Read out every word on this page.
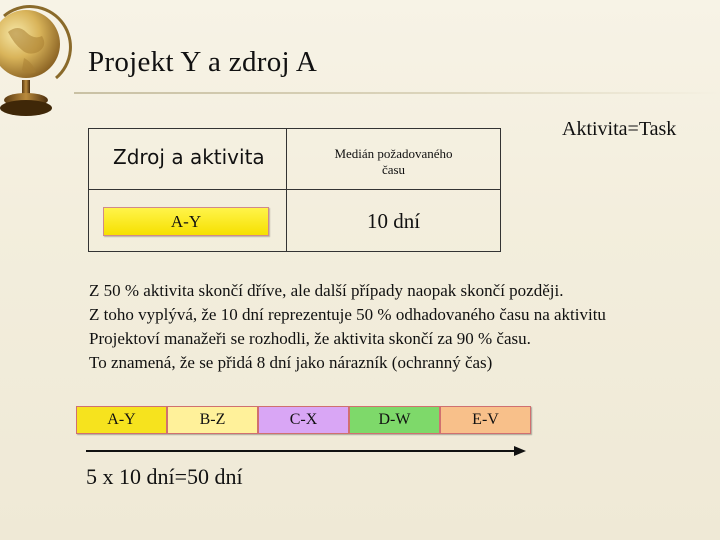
Projekt Y a zdroj A
Aktivita=Task
Zdroj a aktivita	Medián požadovaného
času
A-Y	10 dní
Z 50 % aktivita skončí dříve, ale další případy naopak skončí později.
Z toho vyplývá, že 10 dní reprezentuje 50 % odhadovaného času na aktivitu
Projektoví manažeři se rozhodli, že aktivita skončí za 90 % času.
To znamená, že se přidá 8 dní jako nárazník (ochranný čas)
A-Y	B-Z	C-X	D-W	E-V
5 x 10 dní=50 dní
